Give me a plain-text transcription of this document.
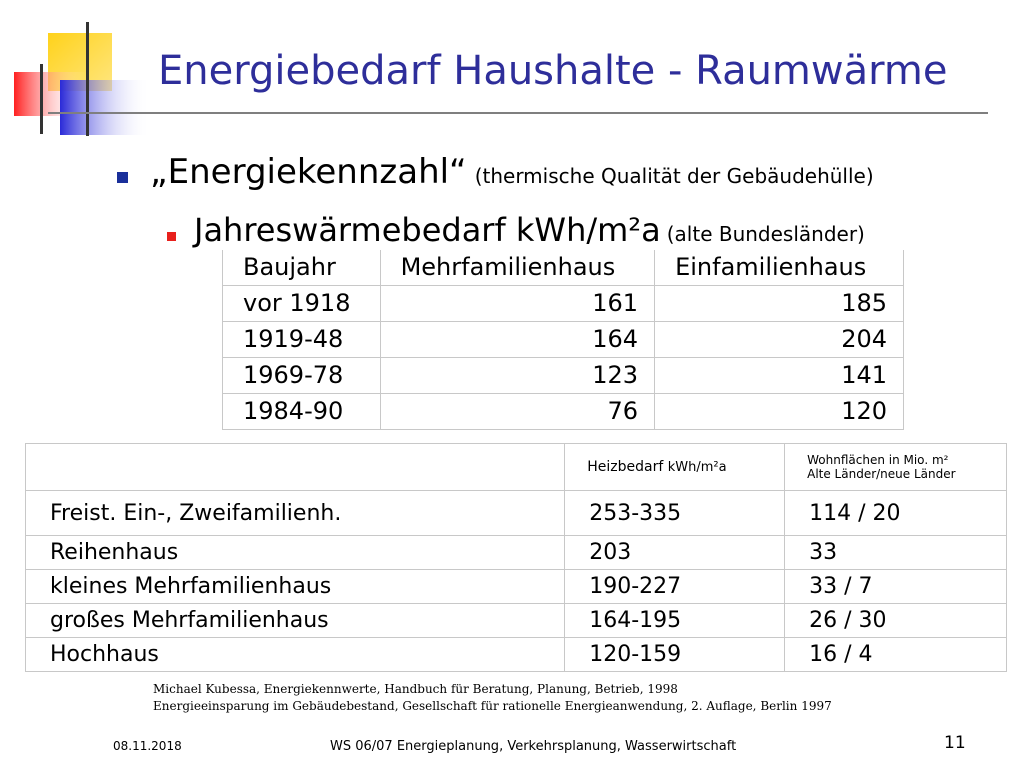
Energiebedarf Haushalte - Raumwärme
„Energiekennzahl“ (thermische Qualität der Gebäudehülle)
Jahreswärmebedarf kWh/m²a (alte Bundesländer)
Baujahr	Mehrfamilienhaus	Einfamilienhaus
vor 1918	161	185
1919-48	164	204
1969-78	123	141
1984-90	76	120
	Heizbedarf kWh/m²a	Wohnflächen in Mio. m²
Alte Länder/neue Länder

Freist. Ein-, Zweifamilienh.	253-335	114 / 20
Reihenhaus	203	33
kleines Mehrfamilienhaus	190-227	33 / 7
großes Mehrfamilienhaus	164-195	26 / 30
Hochhaus	120-159	16 / 4
Michael Kubessa, Energiekennwerte, Handbuch für Beratung, Planung, Betrieb, 1998
Energieeinsparung im Gebäudebestand, Gesellschaft für rationelle Energieanwendung, 2. Auflage, Berlin 1997
08.11.2018	WS 06/07 Energieplanung, Verkehrsplanung, Wasserwirtschaft	11
